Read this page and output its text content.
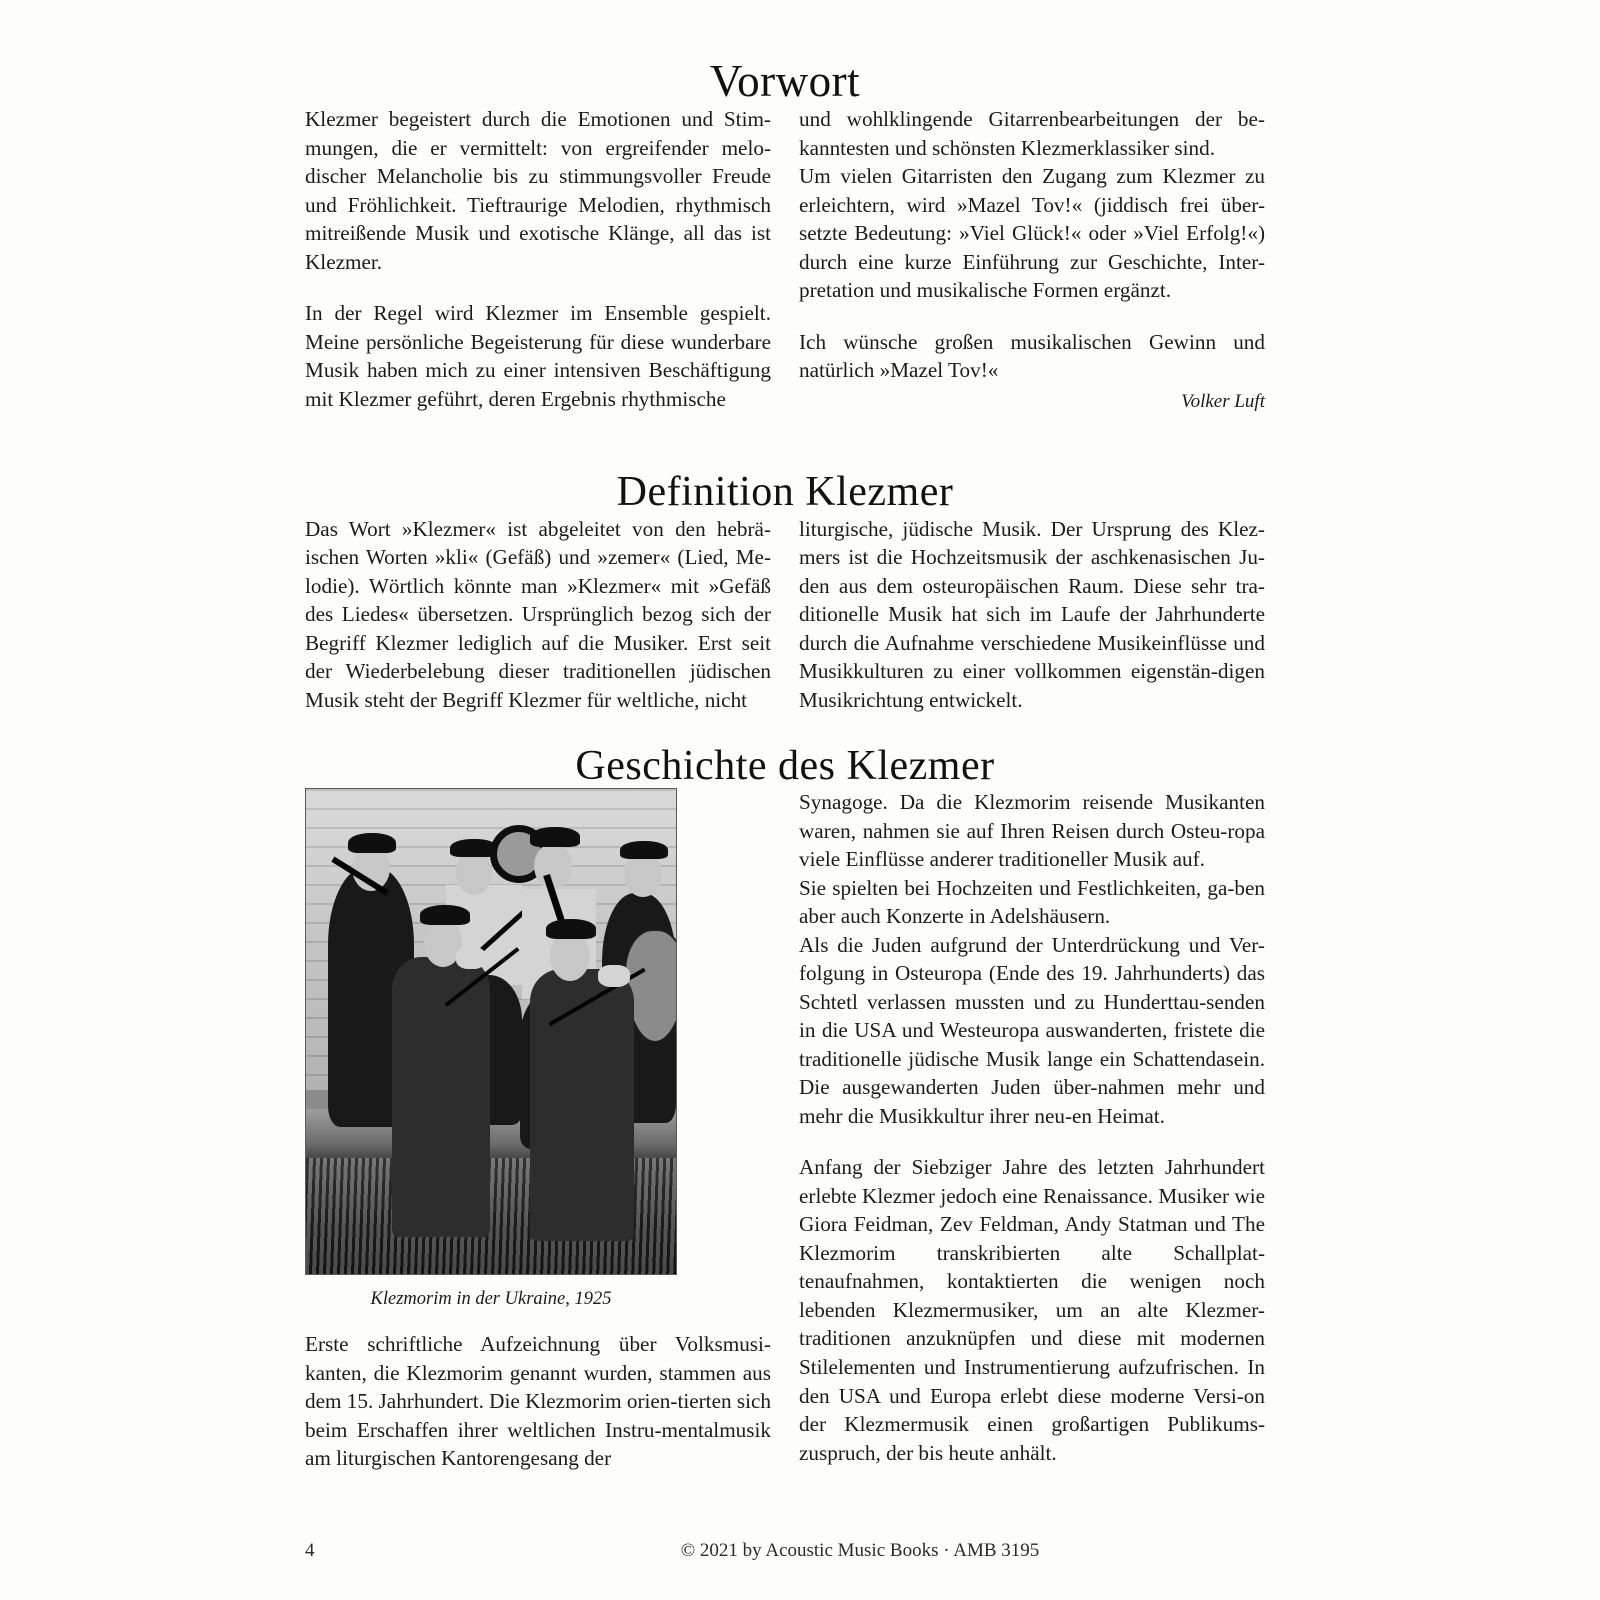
Vorwort

Klezmer begeistert durch die Emotionen und Stim-mungen, die er vermittelt: von ergreifender melo-discher Melancholie bis zu stimmungsvoller Freude und Fröhlichkeit. Tieftraurige Melodien, rhythmisch mitreißende Musik und exotische Klänge, all das ist Klezmer.

In der Regel wird Klezmer im Ensemble gespielt. Meine persönliche Begeisterung für diese wunderbare Musik haben mich zu einer intensiven Beschäftigung mit Klezmer geführt, deren Ergebnis rhythmische

und wohlklingende Gitarrenbearbeitungen der be-kanntesten und schönsten Klezmerklassiker sind.

Um vielen Gitarristen den Zugang zum Klezmer zu erleichtern, wird »Mazel Tov!« (jiddisch frei über-setzte Bedeutung: »Viel Glück!« oder »Viel Erfolg!«) durch eine kurze Einführung zur Geschichte, Inter-pretation und musikalische Formen ergänzt.

Ich wünsche großen musikalischen Gewinn und natürlich »Mazel Tov!«

Volker Luft
Definition Klezmer

Das Wort »Klezmer« ist abgeleitet von den hebrä-ischen Worten »kli« (Gefäß) und »zemer« (Lied, Me-lodie). Wörtlich könnte man »Klezmer« mit »Gefäß des Liedes« übersetzen. Ursprünglich bezog sich der Begriff Klezmer lediglich auf die Musiker. Erst seit der Wiederbelebung dieser traditionellen jüdischen Musik steht der Begriff Klezmer für weltliche, nicht

liturgische, jüdische Musik. Der Ursprung des Klez-mers ist die Hochzeitsmusik der aschkenasischen Ju-den aus dem osteuropäischen Raum. Diese sehr tra-ditionelle Musik hat sich im Laufe der Jahrhunderte durch die Aufnahme verschiedene Musikeinflüsse und Musikkulturen zu einer vollkommen eigenstän-digen Musikrichtung entwickelt.

Geschichte des Klezmer
Klezmorim in der Ukraine, 1925

Erste schriftliche Aufzeichnung über Volksmusi-kanten, die Klezmorim genannt wurden, stammen aus dem 15. Jahrhundert. Die Klezmorim orien-tierten sich beim Erschaffen ihrer weltlichen Instru-mentalmusik am liturgischen Kantorengesang der

Synagoge. Da die Klezmorim reisende Musikanten waren, nahmen sie auf Ihren Reisen durch Osteu-ropa viele Einflüsse anderer traditioneller Musik auf.

Sie spielten bei Hochzeiten und Festlichkeiten, ga-ben aber auch Konzerte in Adelshäusern.

Als die Juden aufgrund der Unterdrückung und Ver-folgung in Osteuropa (Ende des 19. Jahrhunderts) das Schtetl verlassen mussten und zu Hunderttau-senden in die USA und Westeuropa auswanderten, fristete die traditionelle jüdische Musik lange ein Schattendasein. Die ausgewanderten Juden über-nahmen mehr und mehr die Musikkultur ihrer neu-en Heimat.

Anfang der Siebziger Jahre des letzten Jahrhundert erlebte Klezmer jedoch eine Renaissance. Musiker wie Giora Feidman, Zev Feldman, Andy Statman und The Klezmorim transkribierten alte Schallplat-tenaufnahmen, kontaktierten die wenigen noch lebenden Klezmermusiker, um an alte Klezmer-traditionen anzuknüpfen und diese mit modernen Stilelementen und Instrumentierung aufzufrischen. In den USA und Europa erlebt diese moderne Versi-on der Klezmermusik einen großartigen Publikums-zuspruch, der bis heute anhält.

4	© 2021 by Acoustic Music Books · AMB 3195
